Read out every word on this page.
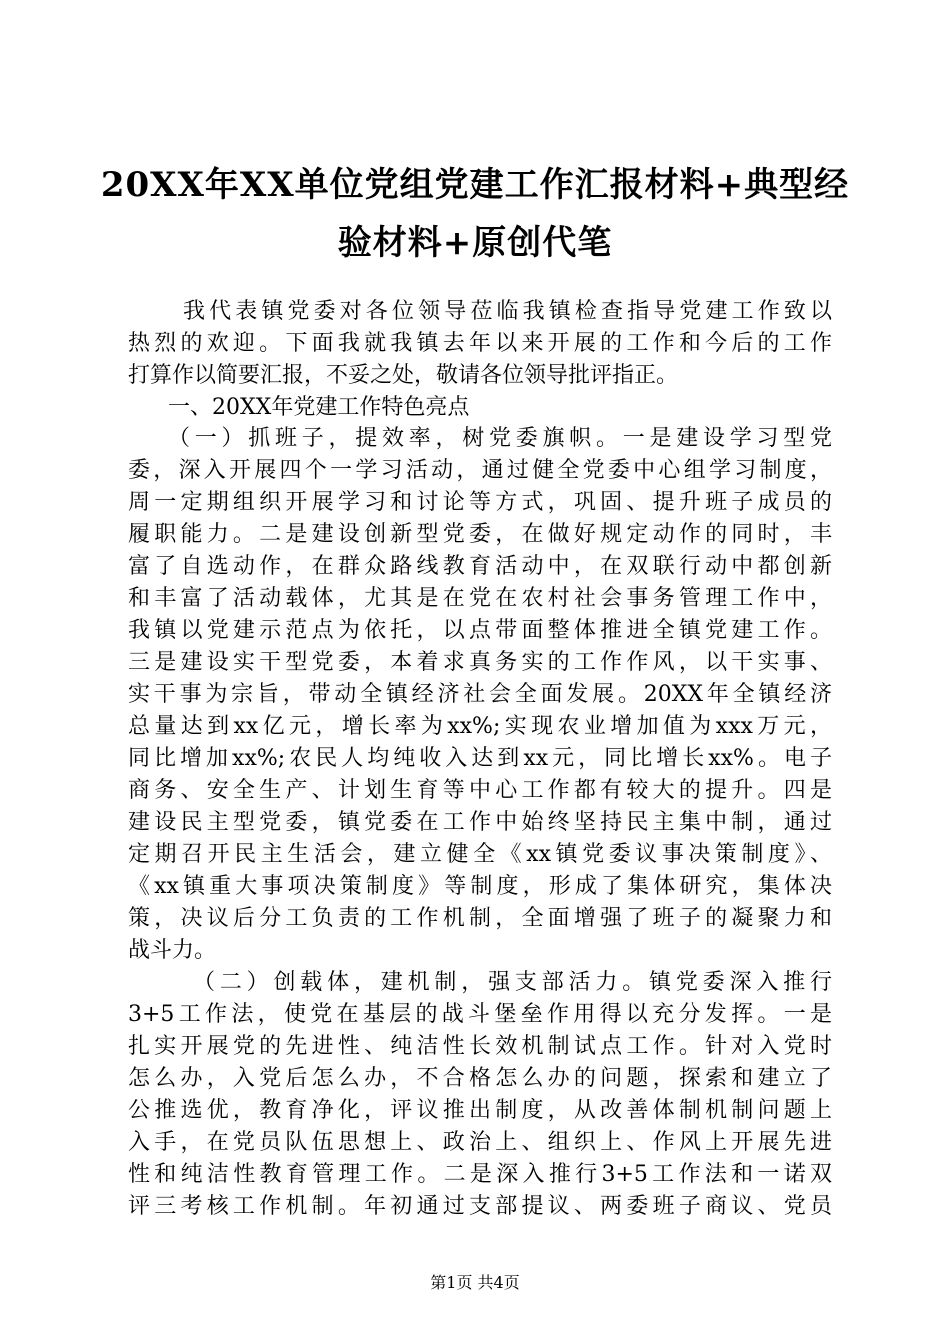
20XX年XX单位党组党建工作汇报材料+典型经
验材料+原创代笔
我代表镇党委对各位领导莅临我镇检查指导党建工作致以
热烈的欢迎。下面我就我镇去年以来开展的工作和今后的工作
打算作以简要汇报，不妥之处，敬请各位领导批评指正。
一、20XX年党建工作特色亮点
（一）抓班子，提效率，树党委旗帜。一是建设学习型党
委，深入开展四个一学习活动，通过健全党委中心组学习制度，
周一定期组织开展学习和讨论等方式，巩固、提升班子成员的
履职能力。二是建设创新型党委，在做好规定动作的同时，丰
富了自选动作，在群众路线教育活动中，在双联行动中都创新
和丰富了活动载体，尤其是在党在农村社会事务管理工作中，
我镇以党建示范点为依托，以点带面整体推进全镇党建工作。
三是建设实干型党委，本着求真务实的工作作风，以干实事、
实干事为宗旨，带动全镇经济社会全面发展。20XX年全镇经济
总量达到xx亿元，增长率为xx%;实现农业增加值为xxx万元，
同比增加xx%;农民人均纯收入达到xx元，同比增长xx%。电子
商务、安全生产、计划生育等中心工作都有较大的提升。四是
建设民主型党委，镇党委在工作中始终坚持民主集中制，通过
定期召开民主生活会，建立健全《xx镇党委议事决策制度》、
《xx镇重大事项决策制度》等制度，形成了集体研究，集体决
策，决议后分工负责的工作机制，全面增强了班子的凝聚力和
战斗力。
（二）创载体，建机制，强支部活力。镇党委深入推行
3+5工作法，使党在基层的战斗堡垒作用得以充分发挥。一是
扎实开展党的先进性、纯洁性长效机制试点工作。针对入党时
怎么办，入党后怎么办，不合格怎么办的问题，探索和建立了
公推选优，教育净化，评议推出制度，从改善体制机制问题上
入手，在党员队伍思想上、政治上、组织上、作风上开展先进
性和纯洁性教育管理工作。二是深入推行3+5工作法和一诺双
评三考核工作机制。年初通过支部提议、两委班子商议、党员
第1页 共4页
